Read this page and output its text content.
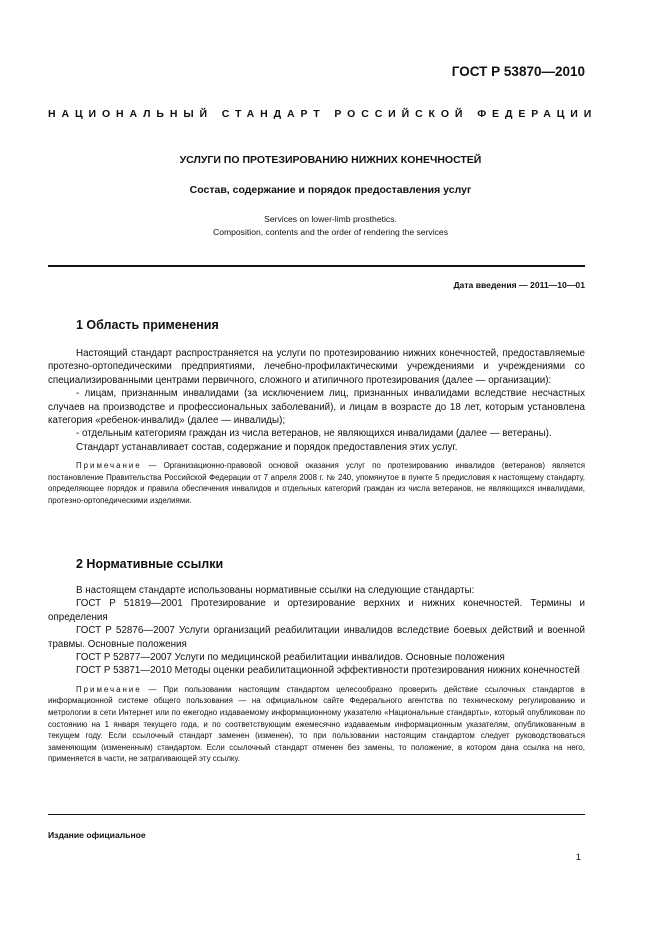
ГОСТ Р 53870—2010
НАЦИОНАЛЬНЫЙ СТАНДАРТ РОССИЙСКОЙ ФЕДЕРАЦИИ
УСЛУГИ ПО ПРОТЕЗИРОВАНИЮ НИЖНИХ КОНЕЧНОСТЕЙ
Состав, содержание и порядок предоставления услуг
Services on lower-limb prosthetics.
Composition, contents and the order of rendering the services
Дата введения — 2011—10—01
1 Область применения

Настоящий стандарт распространяется на услуги по протезированию нижних конечностей, предоставляемые протезно-ортопедическими предприятиями, лечебно-профилактическими учреждениями и учреждениями со специализированными центрами первичного, сложного и атипичного протезирования (далее — организации):

- лицам, признанным инвалидами (за исключением лиц, признанных инвалидами вследствие несчастных случаев на производстве и профессиональных заболеваний), и лицам в возрасте до 18 лет, которым установлена категория «ребенок-инвалид» (далее — инвалиды);

- отдельным категориям граждан из числа ветеранов, не являющихся инвалидами (далее — ветераны).

Стандарт устанавливает состав, содержание и порядок предоставления этих услуг.

Примечание — Организационно-правовой основой оказания услуг по протезированию инвалидов (ветеранов) является постановление Правительства Российской Федерации от 7 апреля 2008 г. № 240, упомянутое в пункте 5 предисловия к настоящему стандарту, определяющее порядок и правила обеспечения инвалидов и отдельных категорий граждан из числа ветеранов, не являющихся инвалидами, протезно-ортопедическими изделиями.

2 Нормативные ссылки

В настоящем стандарте использованы нормативные ссылки на следующие стандарты:

ГОСТ Р 51819—2001 Протезирование и ортезирование верхних и нижних конечностей. Термины и определения

ГОСТ Р 52876—2007 Услуги организаций реабилитации инвалидов вследствие боевых действий и военной травмы. Основные положения

ГОСТ Р 52877—2007 Услуги по медицинской реабилитации инвалидов. Основные положения

ГОСТ Р 53871—2010 Методы оценки реабилитационной эффективности протезирования нижних конечностей

Примечание — При пользовании настоящим стандартом целесообразно проверить действие ссылочных стандартов в информационной системе общего пользования — на официальном сайте Федерального агентства по техническому регулированию и метрологии в сети Интернет или по ежегодно издаваемому информационному указателю «Национальные стандарты», который опубликован по состоянию на 1 января текущего года, и по соответствующим ежемесячно издаваемым информационным указателям, опубликованным в текущем году. Если ссылочный стандарт заменен (изменен), то при пользовании настоящим стандартом следует руководствоваться заменяющим (измененным) стандартом. Если ссылочный стандарт отменен без замены, то положение, в котором дана ссылка на него, применяется в части, не затрагивающей эту ссылку.

Издание официальное
1
